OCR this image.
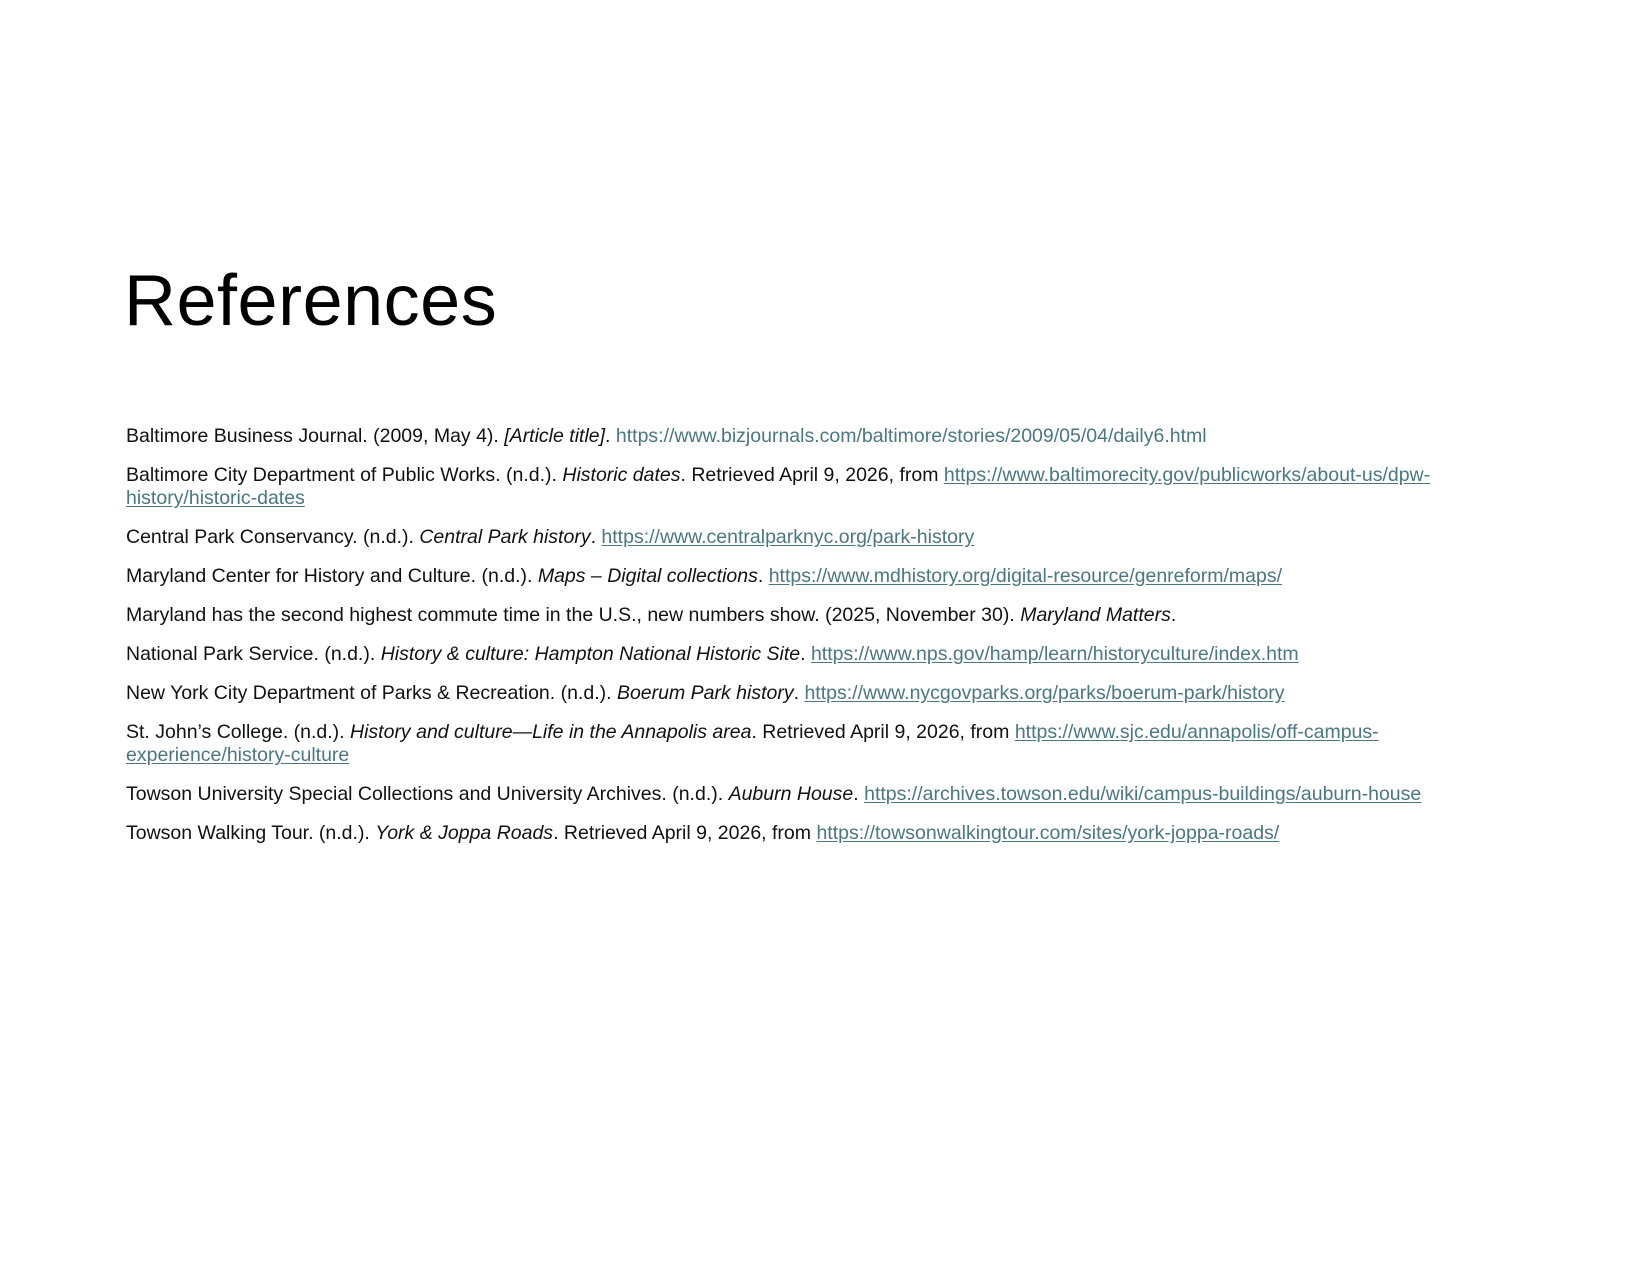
References
Baltimore Business Journal. (2009, May 4). [Article title]. https://www.bizjournals.com/baltimore/stories/2009/05/04/daily6.html
Baltimore City Department of Public Works. (n.d.). Historic dates. Retrieved April 9, 2026, from https://www.baltimorecity.gov/publicworks/about-us/dpw-history/historic-dates
Central Park Conservancy. (n.d.). Central Park history. https://www.centralparknyc.org/park-history
Maryland Center for History and Culture. (n.d.). Maps – Digital collections. https://www.mdhistory.org/digital-resource/genreform/maps/
Maryland has the second highest commute time in the U.S., new numbers show. (2025, November 30). Maryland Matters.
National Park Service. (n.d.). History & culture: Hampton National Historic Site. https://www.nps.gov/hamp/learn/historyculture/index.htm
New York City Department of Parks & Recreation. (n.d.). Boerum Park history. https://www.nycgovparks.org/parks/boerum-park/history
St. John’s College. (n.d.). History and culture—Life in the Annapolis area. Retrieved April 9, 2026, from https://www.sjc.edu/annapolis/off-campus-experience/history-culture
Towson University Special Collections and University Archives. (n.d.). Auburn House. https://archives.towson.edu/wiki/campus-buildings/auburn-house
Towson Walking Tour. (n.d.). York & Joppa Roads. Retrieved April 9, 2026, from https://towsonwalkingtour.com/sites/york-joppa-roads/
